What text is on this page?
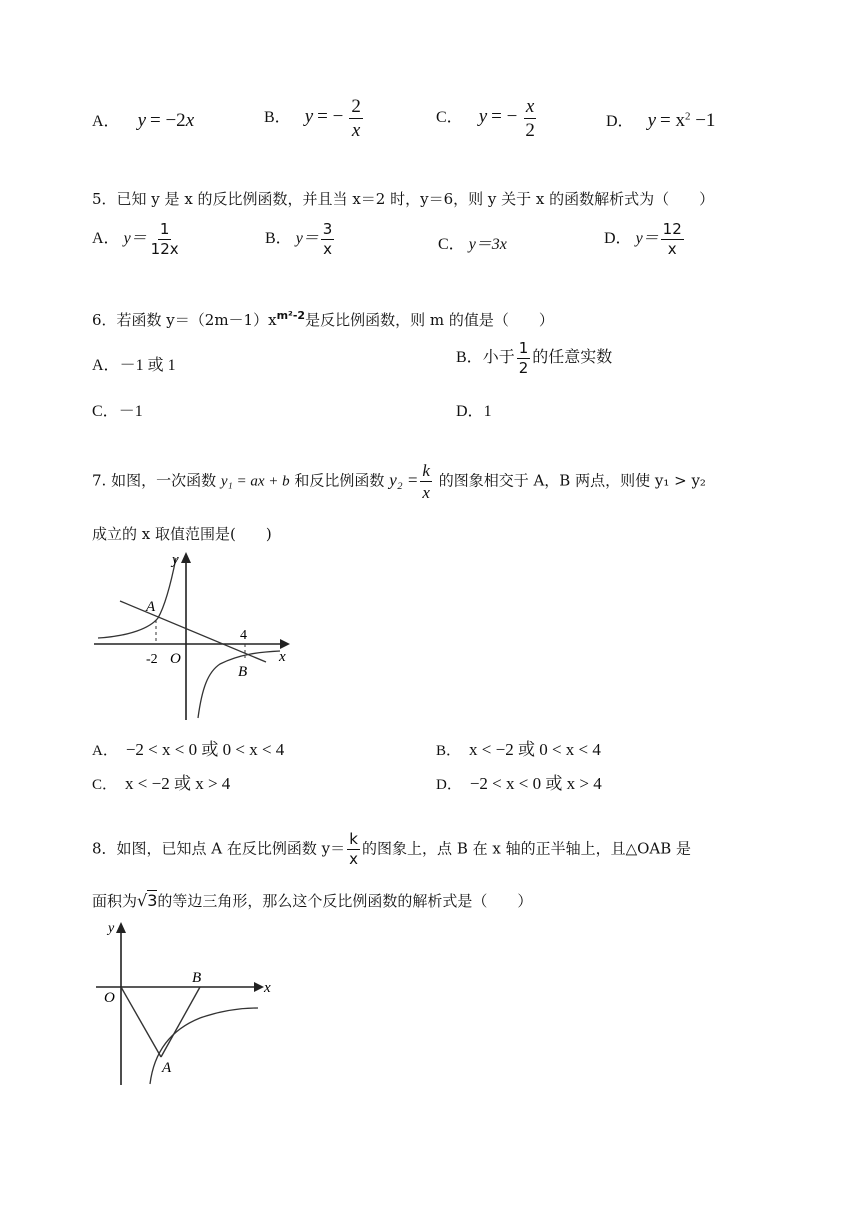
A． y = −2x	B． y = − $\frac{2}{x}$	C． y = − $\frac{x}{2}$	D． $y = x^2 -1$
5．已知 y 是 x 的反比例函数，并且当 x＝2 时，y＝6，则 y 关于 x 的函数解析式为（　　）
A． $y= \frac{1}{12x}$	B． $y= \frac{3}{x}$	C． y＝3x	D． $y= \frac{12}{x}$
6．若函数 $y=(2m-1)x^{m^2-2}$是反比例函数，则 m 的值是（　　）
A．－1 或 1	B．小于 $\frac{1}{2}$ 的任意实数
C．－1	D．1
7. 如图，一次函数 y₁ = ax + b 和反比例函数 $y_2 = \frac{k}{x}$ 的图象相交于 A，B 两点，则使 y₁ > y₂
成立的 x 取值范围是(　　)
y
x
O
A
B
-2
4
A． −2 < x < 0 或 0 < x < 4	B． x < −2 或 0 < x < 4
C． x < −2 或 x > 4	D． −2 < x < 0 或 x > 4
8．如图，已知点 A 在反比例函数 $y= \frac{k}{x}$ 的图象上，点 B 在 x 轴的正半轴上，且△OAB 是
面积为√3的等边三角形，那么这个反比例函数的解析式是（　　）
y
x
O
B
A
